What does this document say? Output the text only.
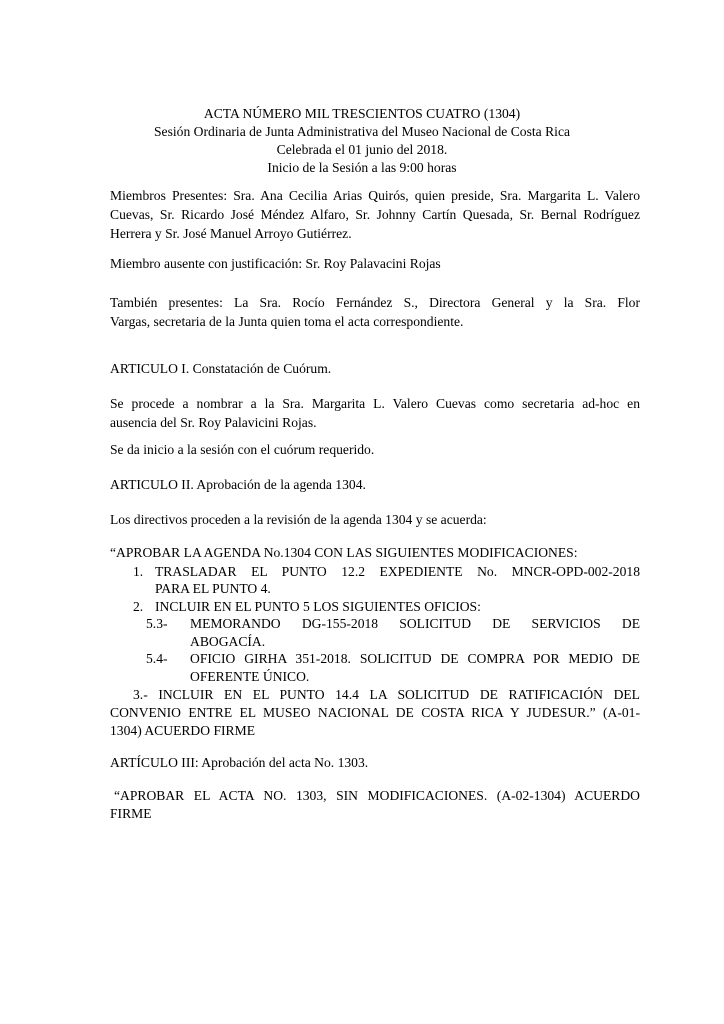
ACTA NÚMERO MIL TRESCIENTOS CUATRO (1304)
Sesión Ordinaria de Junta Administrativa del Museo Nacional de Costa Rica
Celebrada el 01 junio del 2018.
Inicio de la Sesión a las 9:00 horas
Miembros Presentes: Sra. Ana Cecilia Arias Quirós, quien preside, Sra. Margarita L. Valero
Cuevas, Sr. Ricardo José Méndez Alfaro, Sr. Johnny Cartín Quesada, Sr. Bernal Rodríguez
Herrera y Sr. José Manuel Arroyo Gutiérrez.
Miembro ausente con justificación: Sr. Roy Palavacini Rojas
También presentes: La Sra. Rocío Fernández S., Directora General y la Sra. Flor
Vargas, secretaria de la Junta quien toma el acta correspondiente.
ARTICULO I. Constatación de Cuórum.
Se procede a nombrar a la Sra. Margarita L. Valero Cuevas como secretaria ad-hoc en
ausencia del Sr. Roy Palavicini Rojas.
Se da inicio a la sesión con el cuórum requerido.
ARTICULO II. Aprobación de la agenda 1304.
Los directivos proceden a la revisión de la agenda 1304 y se acuerda:
“APROBAR LA AGENDA No.1304 CON LAS SIGUIENTES MODIFICACIONES:
1. TRASLADAR EL PUNTO 12.2 EXPEDIENTE No. MNCR-OPD-002-2018
PARA EL PUNTO 4.
2. INCLUIR EN EL PUNTO 5 LOS SIGUIENTES OFICIOS:
5.3- MEMORANDO DG-155-2018 SOLICITUD DE SERVICIOS DE
ABOGACÍA.
5.4- OFICIO GIRHA 351-2018. SOLICITUD DE COMPRA POR MEDIO DE
OFERENTE ÚNICO.
3.- INCLUIR EN EL PUNTO 14.4 LA SOLICITUD DE RATIFICACIÓN DEL
CONVENIO ENTRE EL MUSEO NACIONAL DE COSTA RICA Y JUDESUR.” (A-01-
1304) ACUERDO FIRME
ARTÍCULO III: Aprobación del acta No. 1303.
“APROBAR EL ACTA NO. 1303, SIN MODIFICACIONES. (A-02-1304) ACUERDO
FIRME
